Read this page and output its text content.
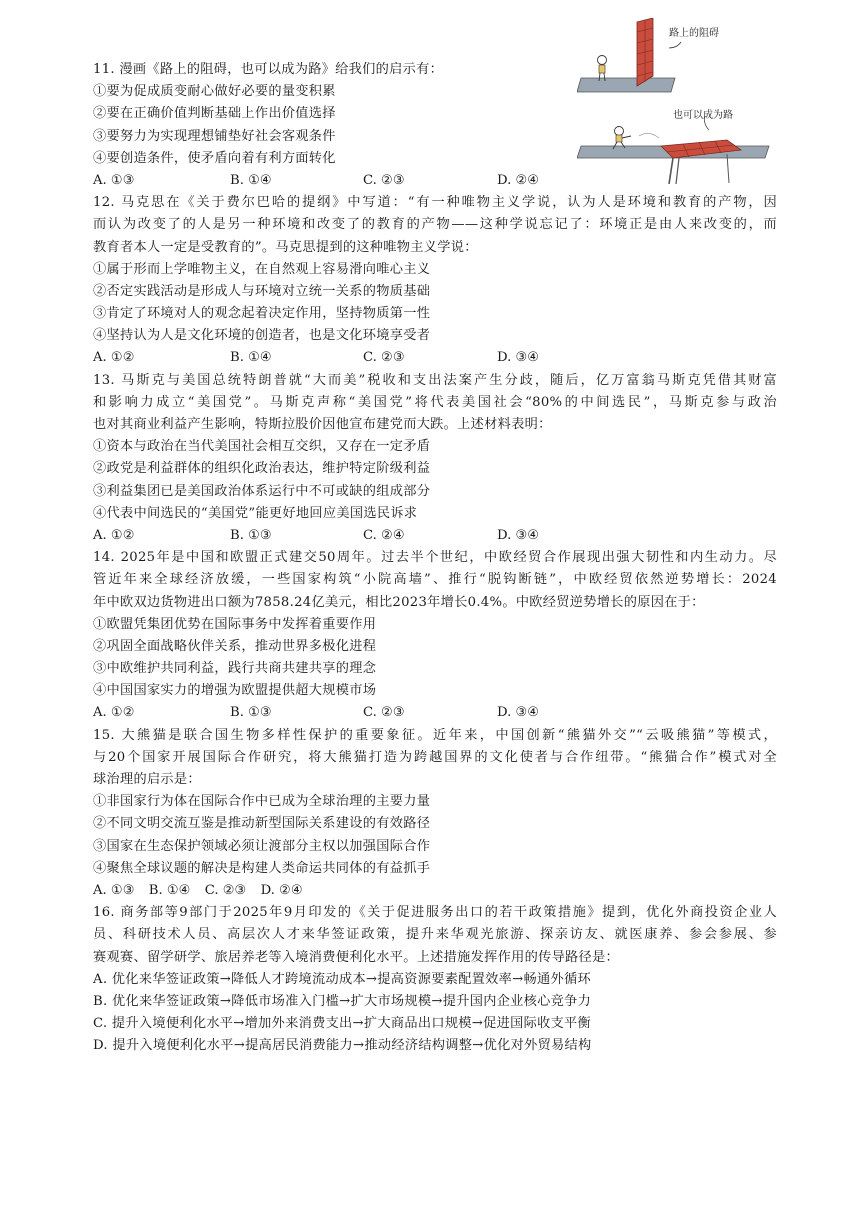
11. 漫画《路上的阻碍，也可以成为路》给我们的启示有：
①要为促成质变耐心做好必要的量变积累
②要在正确价值判断基础上作出价值选择
③要努力为实现理想铺垫好社会客观条件
④要创造条件，使矛盾向着有利方面转化
A. ①③	B. ①④	C. ②③	D. ②④
12. 马克思在《关于费尔巴哈的提纲》中写道：“有一种唯物主义学说，认为人是环境和教育的产物，因
而认为改变了的人是另一种环境和改变了的教育的产物——这种学说忘记了：环境正是由人来改变的，而
教育者本人一定是受教育的”。马克思提到的这种唯物主义学说：
①属于形而上学唯物主义，在自然观上容易滑向唯心主义
②否定实践活动是形成人与环境对立统一关系的物质基础
③肯定了环境对人的观念起着决定作用，坚持物质第一性
④坚持认为人是文化环境的创造者，也是文化环境享受者
A. ①②	B. ①④	C. ②③	D. ③④
13. 马斯克与美国总统特朗普就“大而美”税收和支出法案产生分歧，随后，亿万富翁马斯克凭借其财富
和影响力成立“美国党”。马斯克声称“美国党”将代表美国社会“80%的中间选民”，马斯克参与政治
也对其商业利益产生影响，特斯拉股价因他宣布建党而大跌。上述材料表明：
①资本与政治在当代美国社会相互交织，又存在一定矛盾
②政党是利益群体的组织化政治表达，维护特定阶级利益
③利益集团已是美国政治体系运行中不可或缺的组成部分
④代表中间选民的“美国党”能更好地回应美国选民诉求
A. ①②	B. ①③	C. ②④	D. ③④
14. 2025年是中国和欧盟正式建交50周年。过去半个世纪，中欧经贸合作展现出强大韧性和内生动力。尽
管近年来全球经济放缓，一些国家构筑“小院高墙”、推行“脱钩断链”，中欧经贸依然逆势增长：2024
年中欧双边货物进出口额为7858.24亿美元，相比2023年增长0.4%。中欧经贸逆势增长的原因在于：
①欧盟凭集团优势在国际事务中发挥着重要作用
②巩固全面战略伙伴关系，推动世界多极化进程
③中欧维护共同利益，践行共商共建共享的理念
④中国国家实力的增强为欧盟提供超大规模市场
A. ①②	B. ①③	C. ②③	D. ③④
15. 大熊猫是联合国生物多样性保护的重要象征。近年来，中国创新“熊猫外交”“云吸熊猫”等模式，
与20个国家开展国际合作研究，将大熊猫打造为跨越国界的文化使者与合作纽带。“熊猫合作”模式对全
球治理的启示是：
①非国家行为体在国际合作中已成为全球治理的主要力量
②不同文明交流互鉴是推动新型国际关系建设的有效路径
③国家在生态保护领域必须让渡部分主权以加强国际合作
④聚焦全球议题的解决是构建人类命运共同体的有益抓手
A. ①③ B. ①④ C. ②③ D. ②④
16. 商务部等9部门于2025年9月印发的《关于促进服务出口的若干政策措施》提到，优化外商投资企业人
员、科研技术人员、高层次人才来华签证政策，提升来华观光旅游、探亲访友、就医康养、参会参展、参
赛观赛、留学研学、旅居养老等入境消费便利化水平。上述措施发挥作用的传导路径是：
A. 优化来华签证政策→降低人才跨境流动成本→提高资源要素配置效率→畅通外循环
B. 优化来华签证政策→降低市场准入门槛→扩大市场规模→提升国内企业核心竞争力
C. 提升入境便利化水平→增加外来消费支出→扩大商品出口规模→促进国际收支平衡
D. 提升入境便利化水平→提高居民消费能力→推动经济结构调整→优化对外贸易结构
路上的阻碍
也可以成为路
